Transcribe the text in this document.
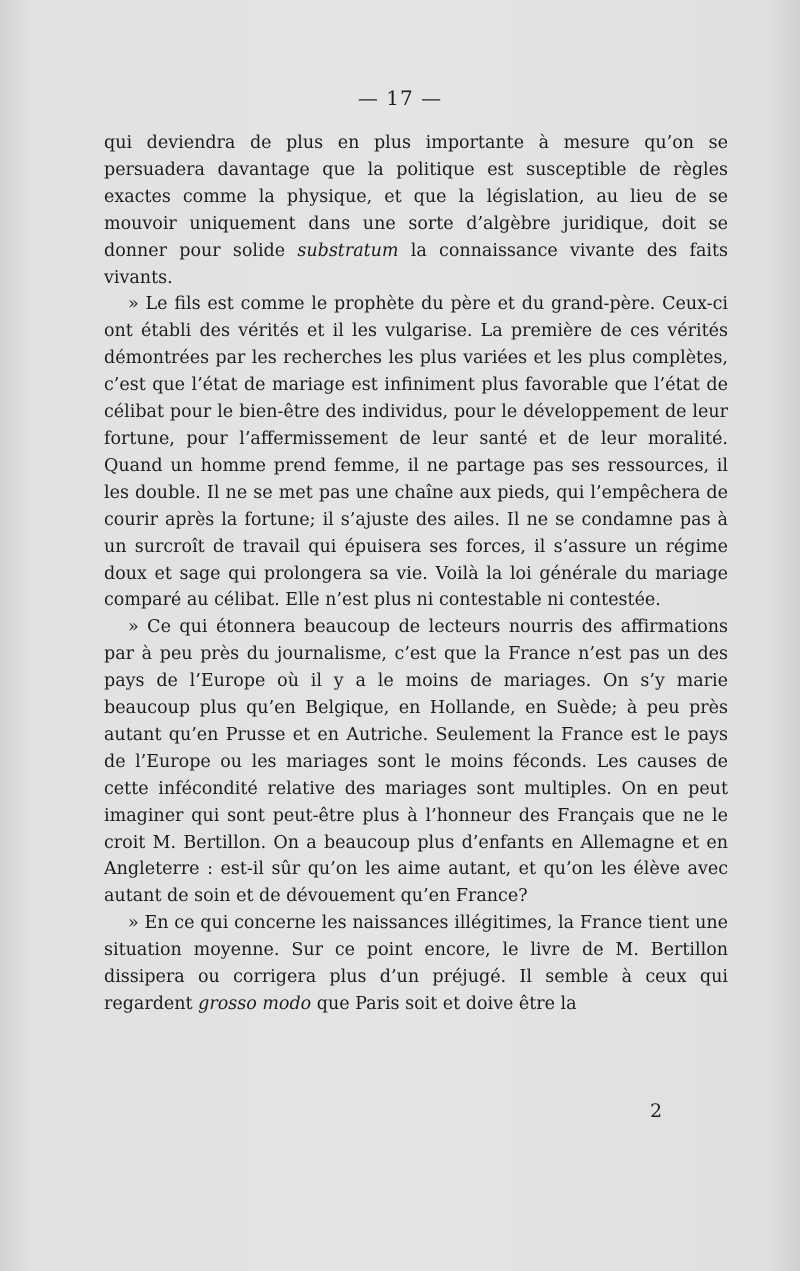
— 17 —

qui deviendra de plus en plus importante à mesure qu’on se persuadera davantage que la politique est susceptible de règles exactes comme la physique, et que la législation, au lieu de se mouvoir uniquement dans une sorte d’algèbre juridique, doit se donner pour solide substratum la connaissance vivante des faits vivants.

» Le fils est comme le prophète du père et du grand-père. Ceux-ci ont établi des vérités et il les vulgarise. La première de ces vérités démontrées par les recherches les plus variées et les plus complètes, c’est que l’état de mariage est infiniment plus favorable que l’état de célibat pour le bien-être des individus, pour le développement de leur fortune, pour l’affermissement de leur santé et de leur moralité. Quand un homme prend femme, il ne partage pas ses ressources, il les double. Il ne se met pas une chaîne aux pieds, qui l’empêchera de courir après la fortune; il s’ajuste des ailes. Il ne se condamne pas à un surcroît de travail qui épuisera ses forces, il s’assure un régime doux et sage qui prolongera sa vie. Voilà la loi générale du mariage comparé au célibat. Elle n’est plus ni contestable ni contestée.

» Ce qui étonnera beaucoup de lecteurs nourris des affirmations par à peu près du journalisme, c’est que la France n’est pas un des pays de l’Europe où il y a le moins de mariages. On s’y marie beaucoup plus qu’en Belgique, en Hollande, en Suède; à peu près autant qu’en Prusse et en Autriche. Seulement la France est le pays de l’Europe ou les mariages sont le moins féconds. Les causes de cette infécondité relative des mariages sont multiples. On en peut imaginer qui sont peut-être plus à l’honneur des Français que ne le croit M. Bertillon. On a beaucoup plus d’enfants en Allemagne et en Angleterre : est-il sûr qu’on les aime autant, et qu’on les élève avec autant de soin et de dévouement qu’en France?

» En ce qui concerne les naissances illégitimes, la France tient une situation moyenne. Sur ce point encore, le livre de M. Bertillon dissipera ou corrigera plus d’un préjugé. Il semble à ceux qui regardent grosso modo que Paris soit et doive être la

2
